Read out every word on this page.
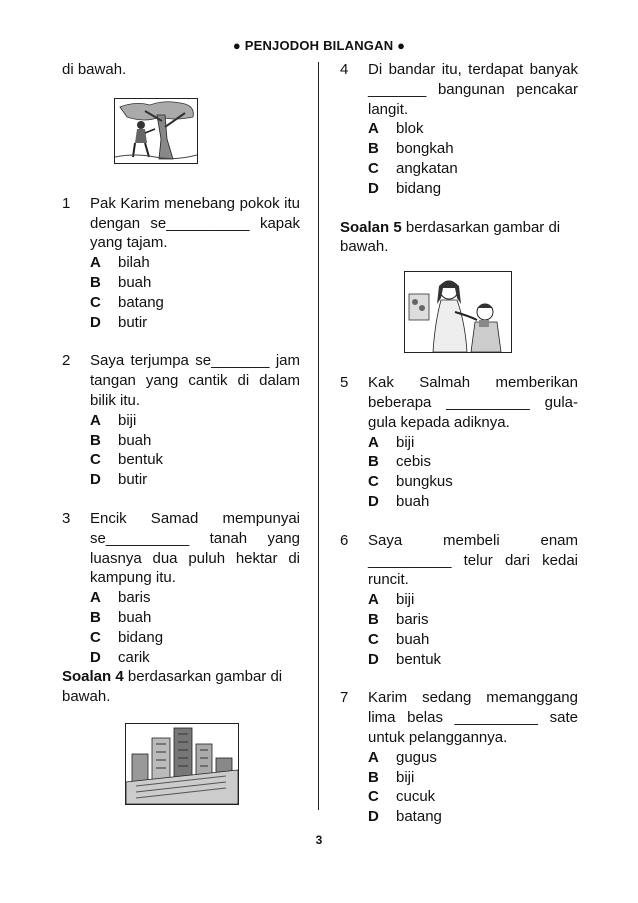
● PENJODOH BILANGAN ●
di bawah.
1 Pak Karim menebang pokok itu dengan se__________ kapak yang tajam.
A bilah
B buah
C batang
D butir
2 Saya terjumpa se_______ jam tangan yang cantik di dalam bilik itu.
A biji
B buah
C bentuk
D butir
3 Encik Samad mempunyai se__________ tanah yang luasnya dua puluh hektar di kampung itu.
A baris
B buah
C bidang
D carik
Soalan 4 berdasarkan gambar di bawah.
4 Di bandar itu, terdapat banyak _______ bangunan pencakar langit.
A blok
B bongkah
C angkatan
D bidang
Soalan 5 berdasarkan gambar di bawah.
5 Kak Salmah memberikan beberapa __________ gula-gula kepada adiknya.
A biji
B cebis
C bungkus
D buah
6 Saya membeli enam __________ telur dari kedai runcit.
A biji
B baris
C buah
D bentuk
7 Karim sedang memanggang lima belas __________ sate untuk pelanggannya.
A gugus
B biji
C cucuk
D batang
3
